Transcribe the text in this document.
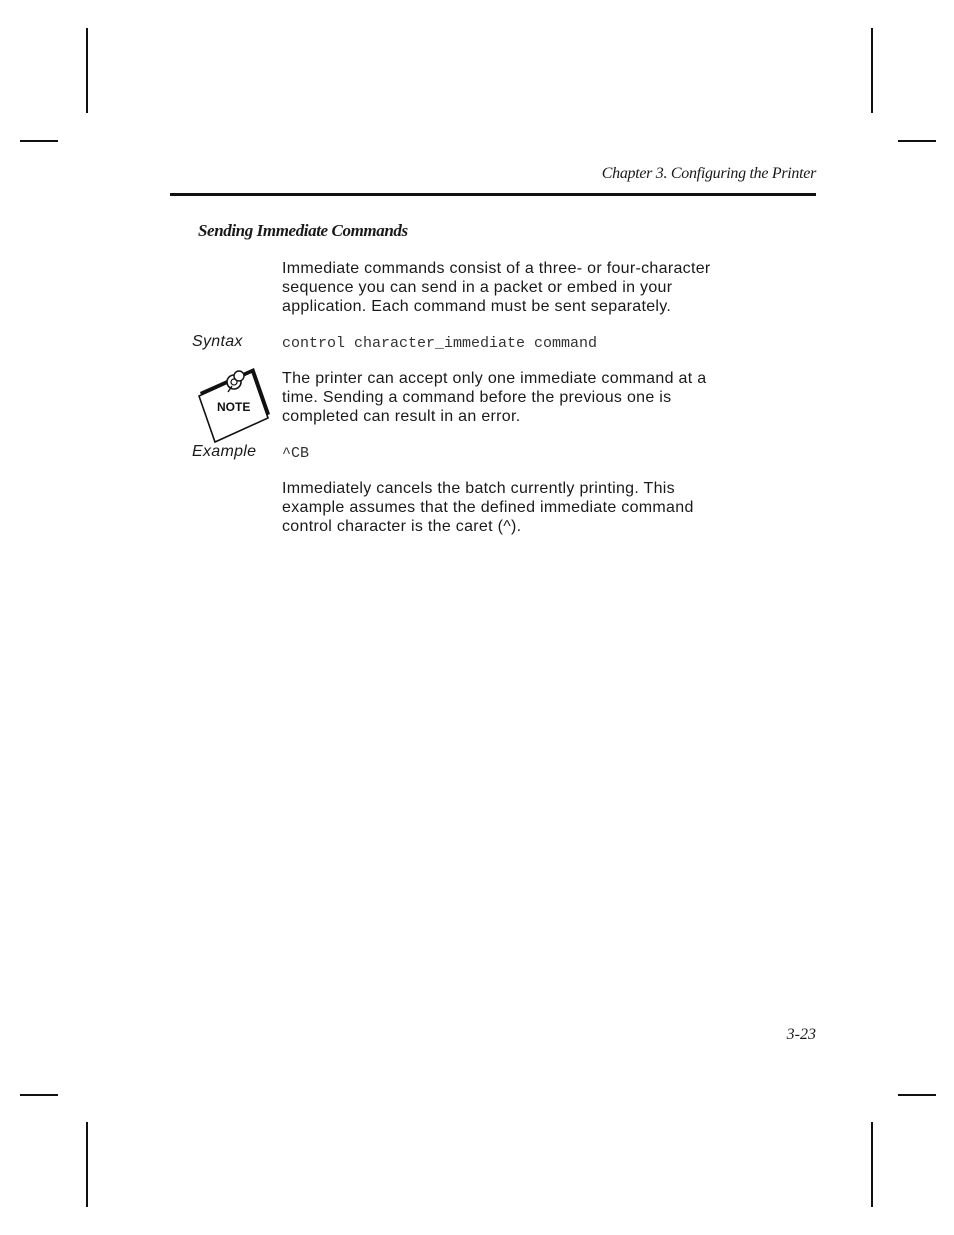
Chapter 3. Configuring the Printer
Sending Immediate Commands
Immediate commands consist of a three- or four-character
sequence you can send in a packet or embed in your
application. Each command must be sent separately.
Syntax	control character_immediate command
NOTE
The printer can accept only one immediate command at a
time. Sending a command before the previous one is
completed can result in an error.
Example ^CB
Immediately cancels the batch currently printing. This
example assumes that the defined immediate command
control character is the caret (^).
3-23
